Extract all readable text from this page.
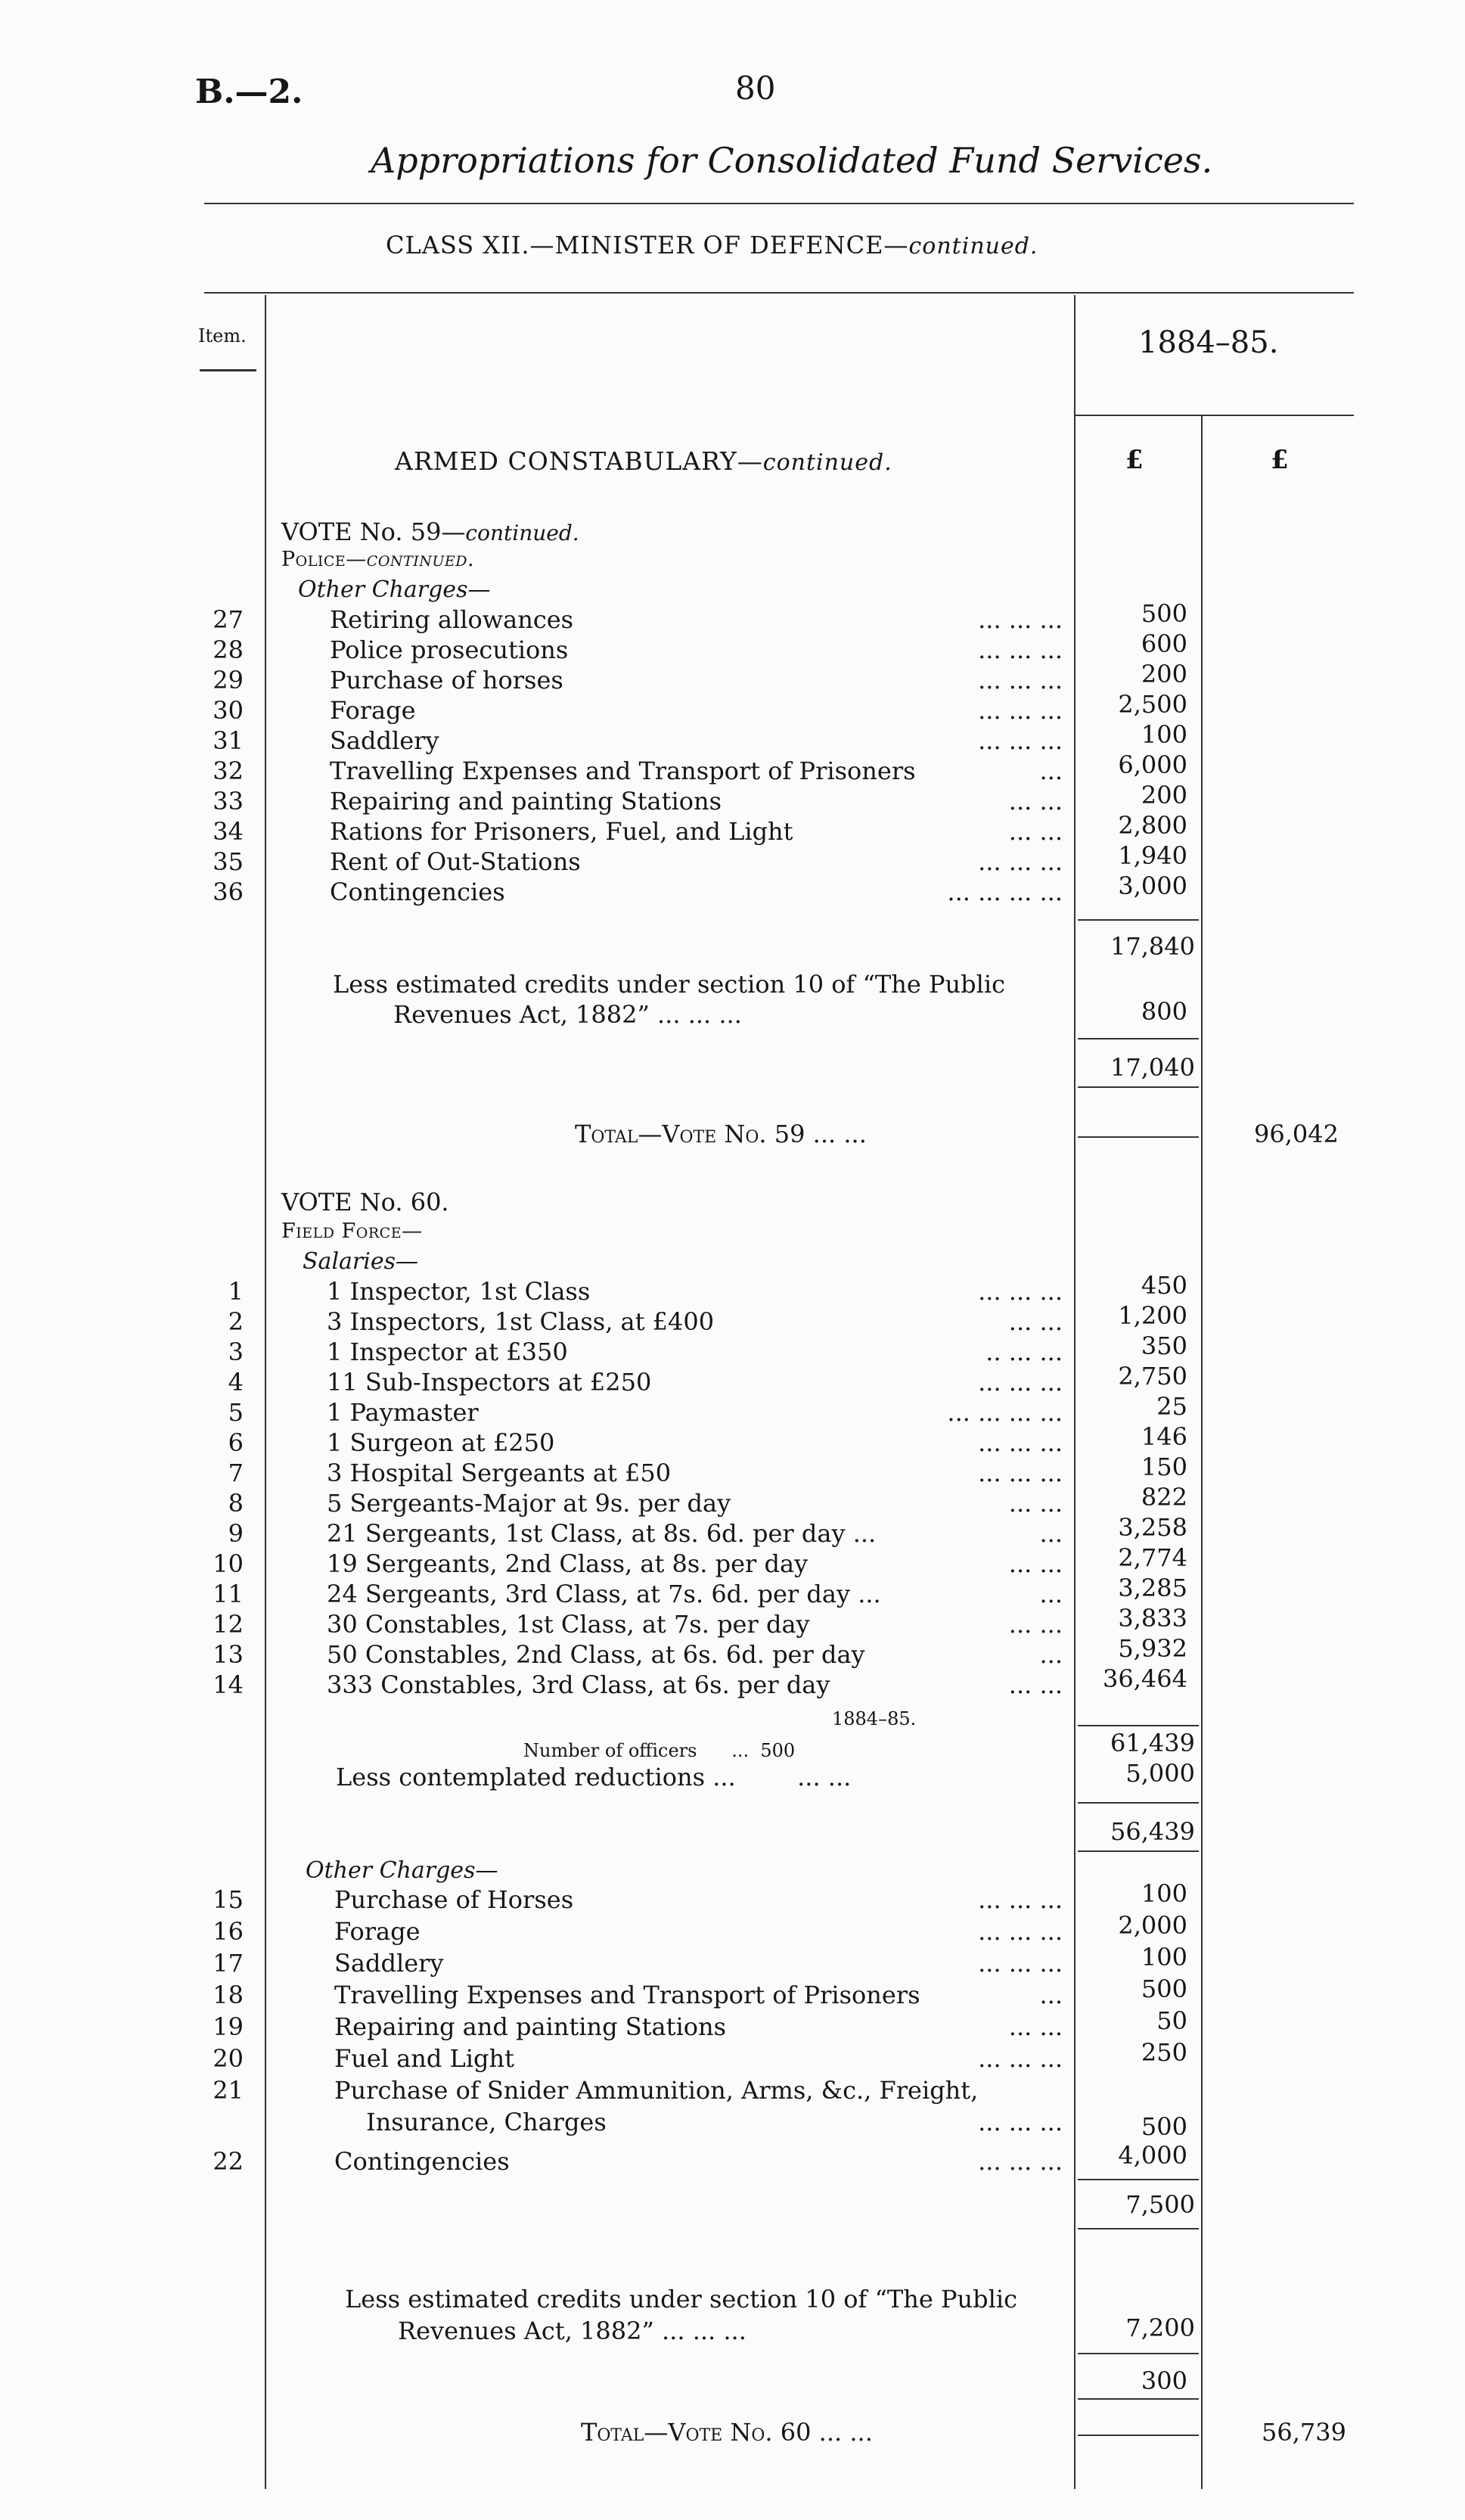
B.—2.	80
Appropriations for Consolidated Fund Services.
CLASS XII.—MINISTER OF DEFENCE—continued.
Item.	1884–85.
£	£
ARMED CONSTABULARY—continued.
VOTE No. 59—continued.
Police—continued.
Other Charges—
27	Retiring allowances	... ... ...	500
28	Police prosecutions	... ... ...	600
29	Purchase of horses	... ... ...	200
30	Forage	... ... ...	2,500
31	Saddlery	... ... ...	100
32	Travelling Expenses and Transport of Prisoners	...	6,000
33	Repairing and painting Stations	... ...	200
34	Rations for Prisoners, Fuel, and Light	... ...	2,800
35	Rent of Out-Stations	... ... ...	1,940
36	Contingencies	... ... ... ...	3,000
17,840
Less estimated credits under section 10 of “The Public
Revenues Act, 1882” ... ... ...	800
17,040
Total—Vote No. 59 ... ...	96,042
VOTE No. 60.
Field Force—
Salaries—
1	1 Inspector, 1st Class	... ... ...	450
2	3 Inspectors, 1st Class, at £400	... ...	1,200
3	1 Inspector at £350	.. ... ...	350
4	11 Sub-Inspectors at £250	... ... ...	2,750
5	1 Paymaster	... ... ... ...	25
6	1 Surgeon at £250	... ... ...	146
7	3 Hospital Sergeants at £50	... ... ...	150
8	5 Sergeants-Major at 9s. per day	... ...	822
9	21 Sergeants, 1st Class, at 8s. 6d. per day ...	...	3,258
10	19 Sergeants, 2nd Class, at 8s. per day	... ...	2,774
11	24 Sergeants, 3rd Class, at 7s. 6d. per day ...	...	3,285
12	30 Constables, 1st Class, at 7s. per day	... ...	3,833
13	50 Constables, 2nd Class, at 6s. 6d. per day	...	5,932
14	333 Constables, 3rd Class, at 6s. per day	... ...	36,464
1884–85.
Number of officers ... 500	61,439
Less contemplated reductions ...	... ...	5,000
56,439
Other Charges—
15	Purchase of Horses	... ... ...	100
16	Forage	... ... ...	2,000
17	Saddlery	... ... ...	100
18	Travelling Expenses and Transport of Prisoners	...	500
19	Repairing and painting Stations	... ...	50
20	Fuel and Light	... ... ...	250
21	Purchase of Snider Ammunition, Arms, &c., Freight,
Insurance, Charges	... ... ...	500
22	Contingencies	... ... ...	4,000
7,500
Less estimated credits under section 10 of “The Public
Revenues Act, 1882” ... ... ...	7,200
300
Total—Vote No. 60 ... ...	56,739
